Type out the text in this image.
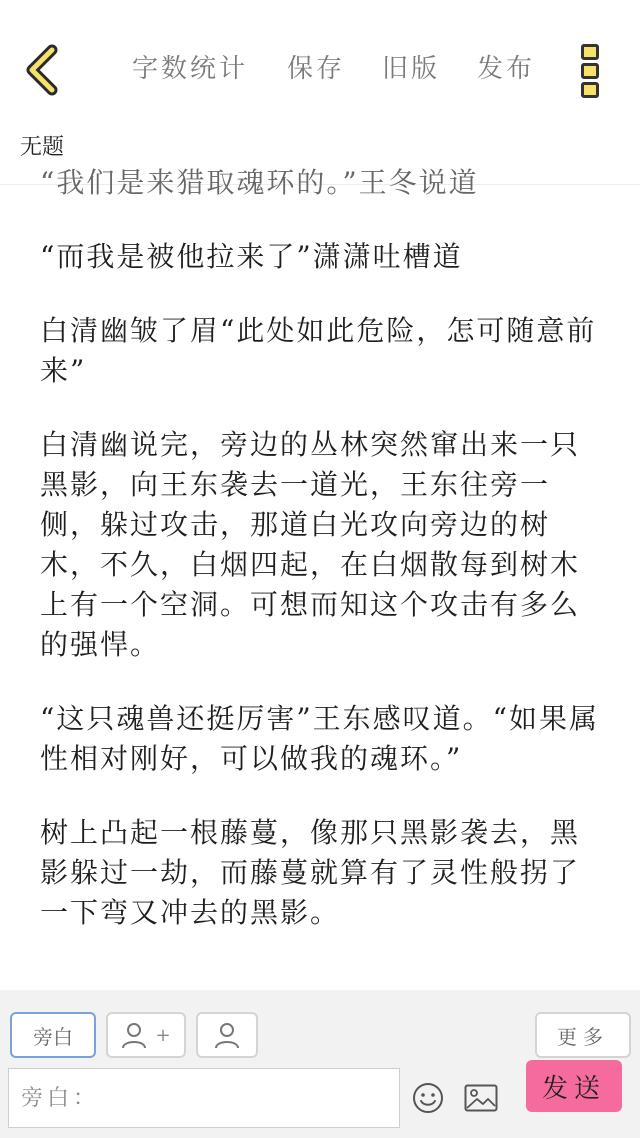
字数统计	保存	旧版	发布
无题

“我们是来猎取魂环的。”王冬说道

“而我是被他拉来了”潇潇吐槽道

白清幽皱了眉“此处如此危险，怎可随意前来”

白清幽说完，旁边的丛林突然窜出来一只黑影，向王东袭去一道光，王东往旁一侧，躲过攻击，那道白光攻向旁边的树木，不久，白烟四起，在白烟散每到树木上有一个空洞。可想而知这个攻击有多么的强悍。

“这只魂兽还挺厉害”王东感叹道。“如果属性相对刚好，可以做我的魂环。”

树上凸起一根藤蔓，像那只黑影袭去，黑影躲过一劫，而藤蔓就算有了灵性般拐了一下弯又冲去的黑影。

旁白	+	更多
旁白：
发送
